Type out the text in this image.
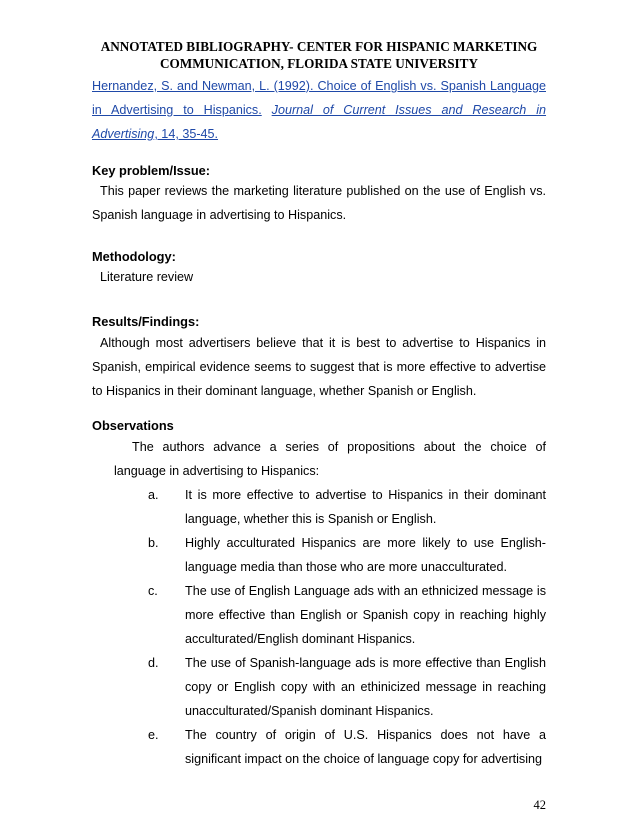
ANNOTATED BIBLIOGRAPHY- CENTER FOR HISPANIC MARKETING
COMMUNICATION, FLORIDA STATE UNIVERSITY
Hernandez, S. and Newman, L. (1992). Choice of English vs. Spanish Language in Advertising to Hispanics. Journal of Current Issues and Research in Advertising, 14, 35-45.
Key problem/Issue:
This paper reviews the marketing literature published on the use of English vs. Spanish language in advertising to Hispanics.
Methodology:
Literature review
Results/Findings:
Although most advertisers believe that it is best to advertise to Hispanics in Spanish, empirical evidence seems to suggest that is more effective to advertise to Hispanics in their dominant language, whether Spanish or English.
Observations
The authors advance a series of propositions about the choice of language in advertising to Hispanics:
a. It is more effective to advertise to Hispanics in their dominant language, whether this is Spanish or English.
b. Highly acculturated Hispanics are more likely to use English-language media than those who are more unacculturated.
c. The use of English Language ads with an ethnicized message is more effective than English or Spanish copy in reaching highly acculturated/English dominant Hispanics.
d. The use of Spanish-language ads is more effective than English copy or English copy with an ethinicized message in reaching unacculturated/Spanish dominant Hispanics.
e. The country of origin of U.S. Hispanics does not have a significant impact on the choice of language copy for advertising
42
